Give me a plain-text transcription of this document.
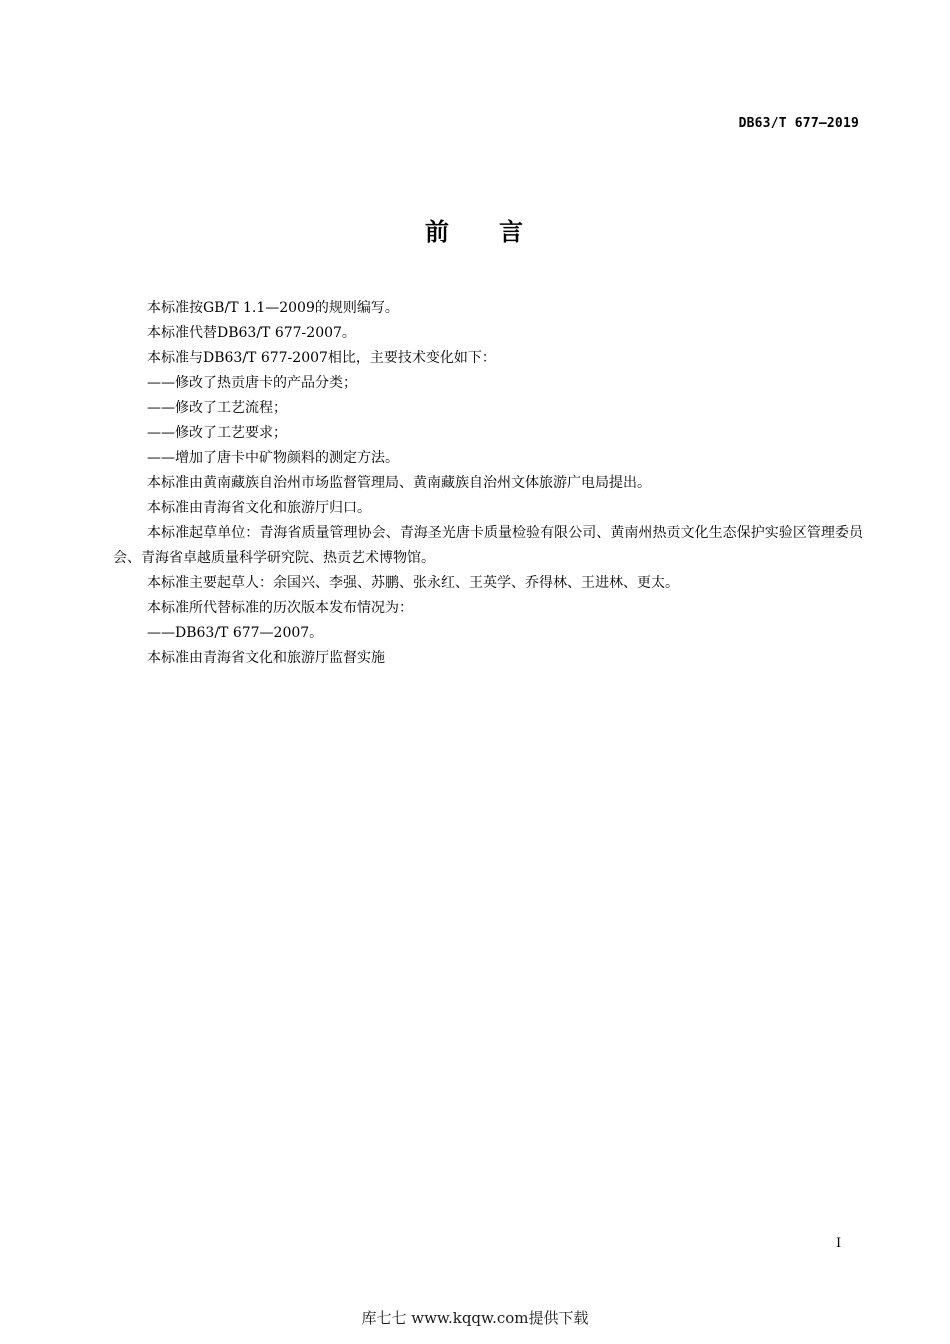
DB63/T 677—2019
前 言

本标准按GB/T 1.1—2009的规则编写。

本标准代替DB63/T 677-2007。

本标准与DB63/T 677-2007相比，主要技术变化如下：

——修改了热贡唐卡的产品分类；

——修改了工艺流程；

——修改了工艺要求；

——增加了唐卡中矿物颜料的测定方法。

本标准由黄南藏族自治州市场监督管理局、黄南藏族自治州文体旅游广电局提出。

本标准由青海省文化和旅游厅归口。

本标准起草单位：青海省质量管理协会、青海圣光唐卡质量检验有限公司、黄南州热贡文化生态保护实验区管理委员会、青海省卓越质量科学研究院、热贡艺术博物馆。

本标准主要起草人：余国兴、李强、苏鹏、张永红、王英学、乔得林、王进林、更太。

本标准所代替标准的历次版本发布情况为：

——DB63/T 677—2007。

本标准由青海省文化和旅游厅监督实施

I
库七七 www.kqqw.com提供下载
